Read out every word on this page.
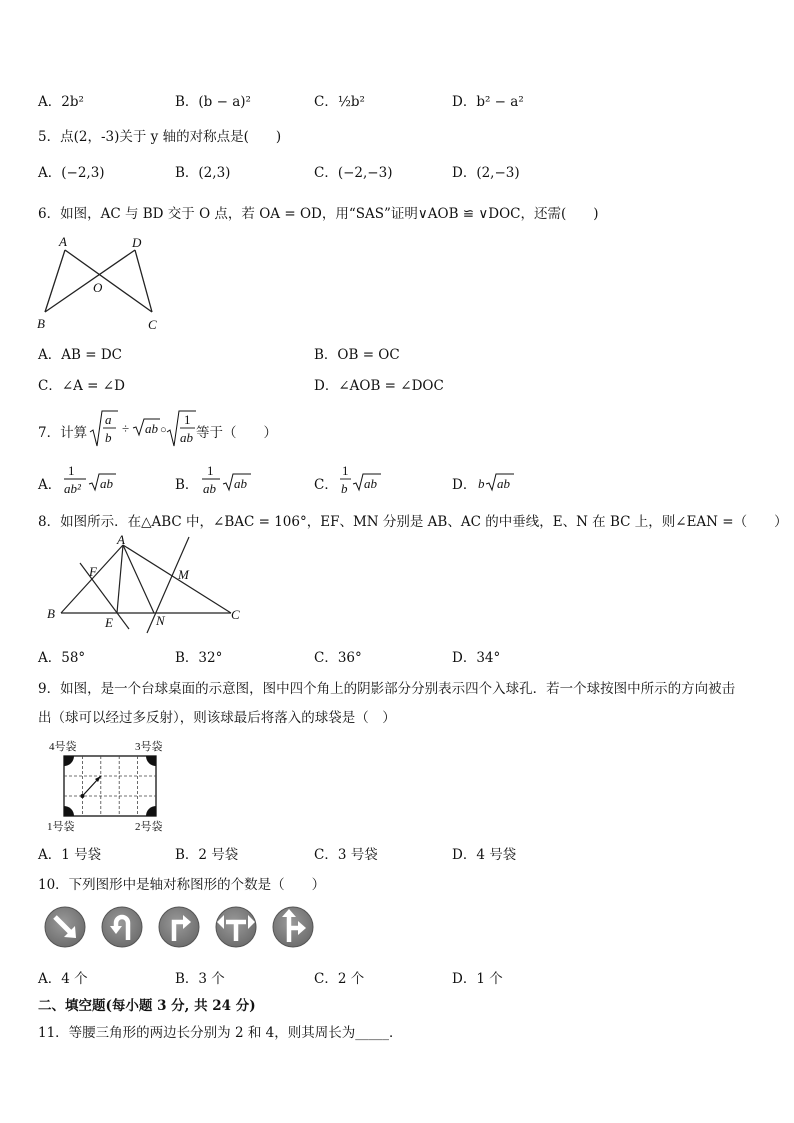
A．2b²	B．(b − a)²	C．½b²	D．b² − a²
5．点(2，-3)关于 y 轴的对称点是(　　)
A．(−2,3)	B．(2,3)	C．(−2,−3)	D．(2,−3)
6．如图，AC 与 BD 交于 O 点，若 OA = OD，用“SAS”证明∨AOB ≌ ∨DOC，还需(　　)
A	D
O
B	C
A．AB = DC	B．OB = OC
C．∠A = ∠D	D．∠AOB = ∠DOC
7．计算
a
b
÷ ab ○
1
ab 等于（　　）
A．
1
ab² ab	B．
1
ab ab	C．
1
b ab	D． b ab
8．如图所示．在△ABC 中，∠BAC = 106°，EF、MN 分别是 AB、AC 的中垂线，E、N 在 BC 上，则∠EAN =（　　）
A
F	M
B
E	N	C
A．58°	B．32°	C．36°	D．34°
9．如图，是一个台球桌面的示意图，图中四个角上的阴影部分分别表示四个入球孔．若一个球按图中所示的方向被击
出（球可以经过多反射），则该球最后将落入的球袋是（　）
4号袋	3号袋
1号袋	2号袋
A．1 号袋	B．2 号袋	C．3 号袋	D．4 号袋
10．下列图形中是轴对称图形的个数是（　　）
A．4 个	B．3 个	C．2 个	D．1 个
二、填空题(每小题 3 分, 共 24 分)
11．等腰三角形的两边长分别为 2 和 4，则其周长为_____．
